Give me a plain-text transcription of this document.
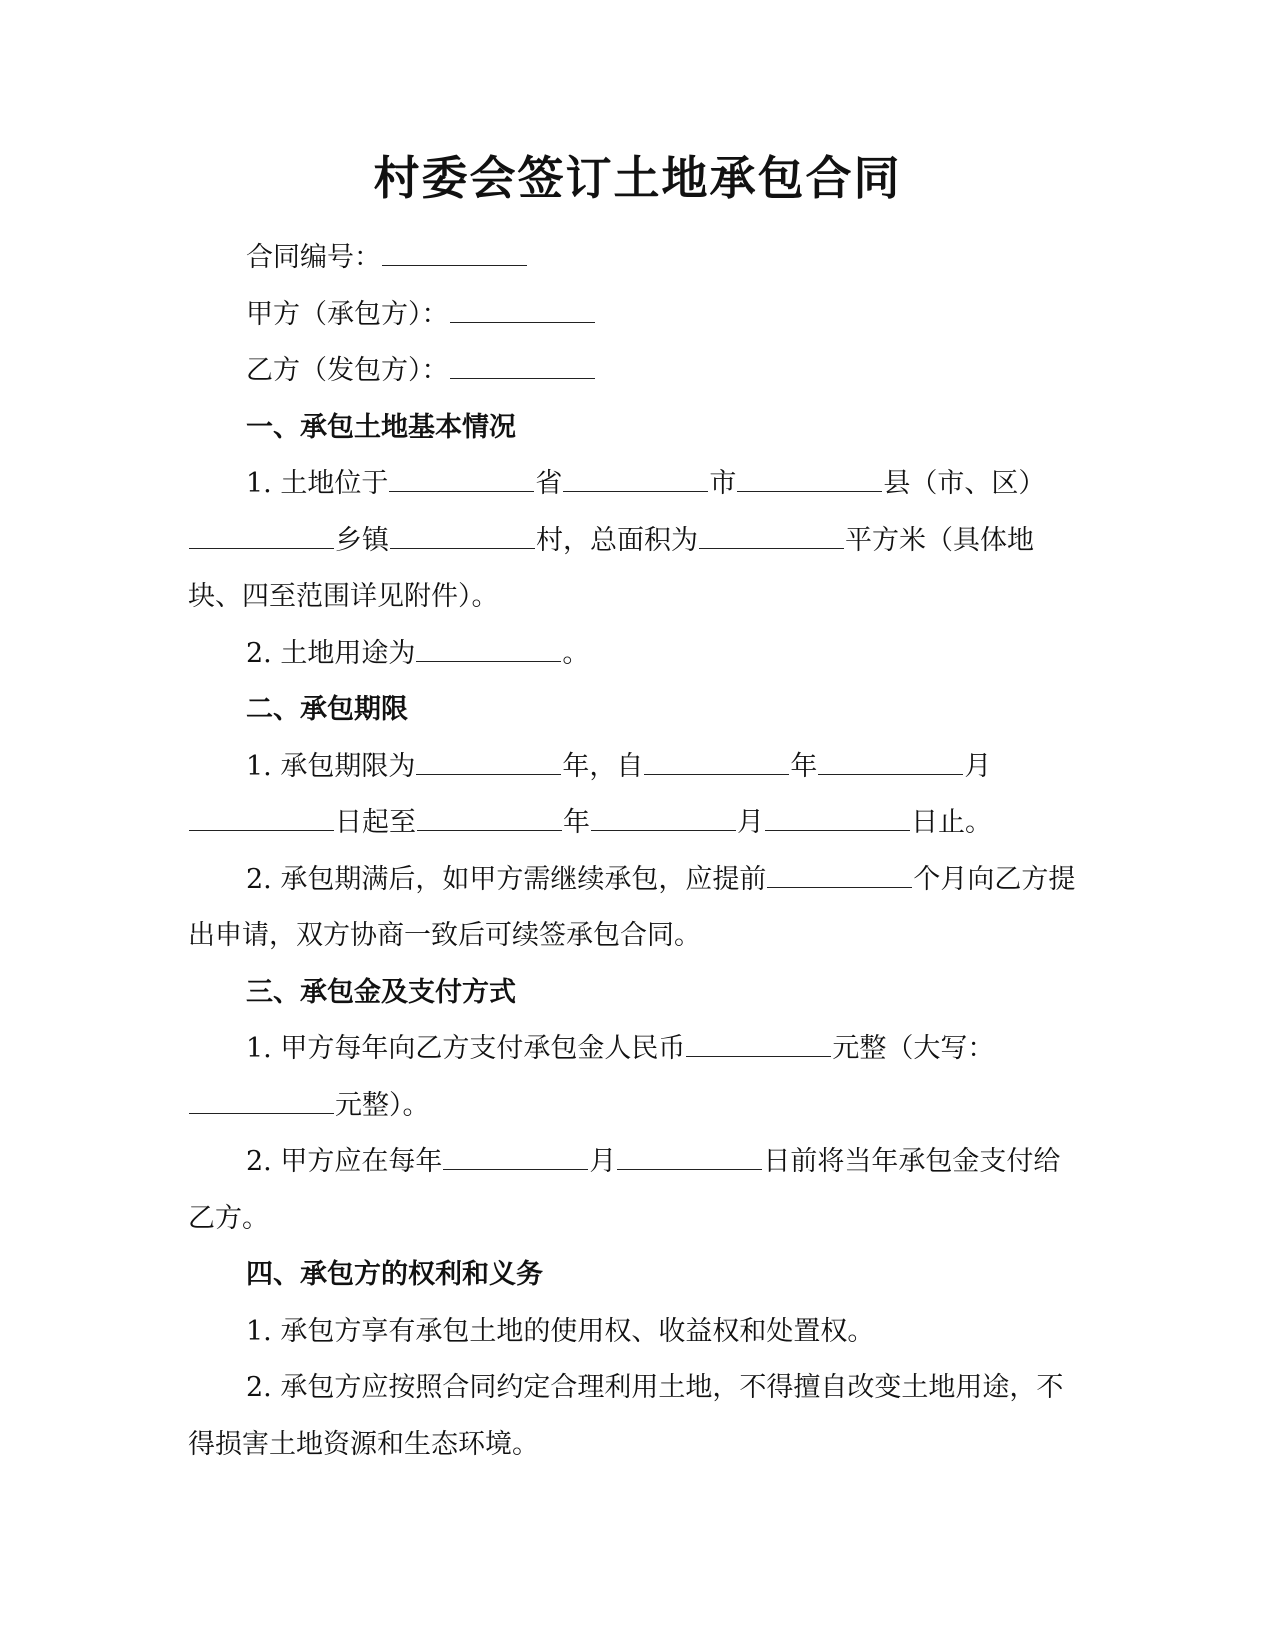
村委会签订土地承包合同

合同编号：

甲方（承包方）：

乙方（发包方）：

一、承包土地基本情况

1. 土地位于	省	市	县（市、区）乡镇	村，总面积为	平方米（具体地块、四至范围详见附件）。

2. 土地用途为	。

二、承包期限

1. 承包期限为	年，自	年	月日起至	年	月	日止。

2. 承包期满后，如甲方需继续承包，应提前	个月向乙方提出申请，双方协商一致后可续签承包合同。

三、承包金及支付方式

1. 甲方每年向乙方支付承包金人民币	元整（大写：元整）。

2. 甲方应在每年	月	日前将当年承包金支付给乙方。

四、承包方的权利和义务

1. 承包方享有承包土地的使用权、收益权和处置权。

2. 承包方应按照合同约定合理利用土地，不得擅自改变土地用途，不得损害土地资源和生态环境。
